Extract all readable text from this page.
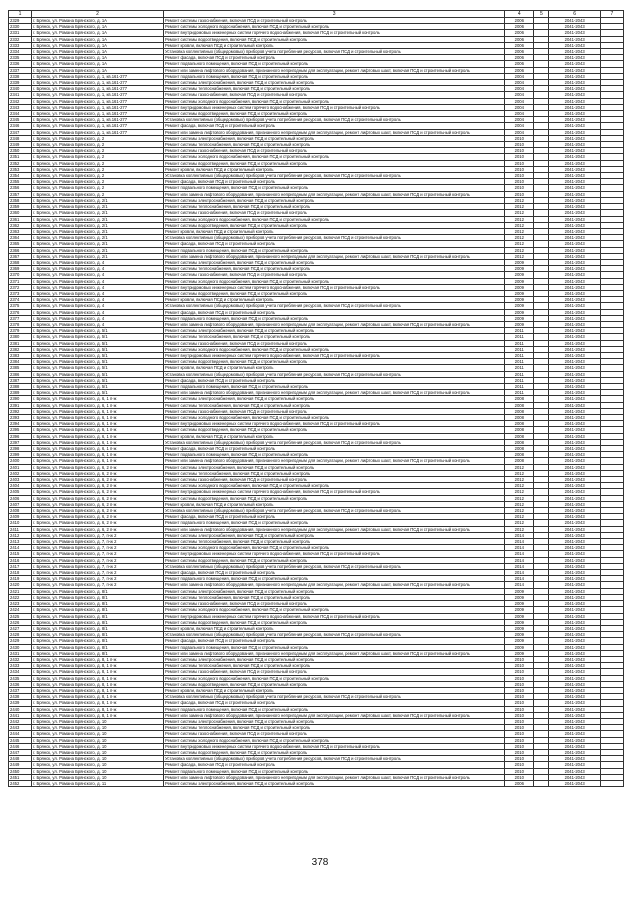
1	2	3	4	5	6	7
2329	г. Брянск, ул. Романа Брянского, д. 1А	Ремонт системы газоснабжения, включая ПСД и строительный контроль	2006		2041-2043	
2330	г. Брянск, ул. Романа Брянского, д. 1А	Ремонт системы холодного водоснабжения, включая ПСД и строительный контроль	2006		2041-2043	
2331	г. Брянск, ул. Романа Брянского, д. 1А	Ремонт внутридомовых инженерных систем горячего водоснабжения, включая ПСД и строительный контроль	2006		2041-2043	
2332	г. Брянск, ул. Романа Брянского, д. 1А	Ремонт системы водоотведения, включая ПСД и строительный контроль	2006		2041-2043	
2333	г. Брянск, ул. Романа Брянского, д. 1А	Ремонт кровли, включая ПСД и строительный контроль	2006		2041-2043	
2334	г. Брянск, ул. Романа Брянского, д. 1А	Установка коллективных (общедомовых) приборов учета потребления ресурсов, включая ПСД и строительный контроль	2006		2041-2043	
2335	г. Брянск, ул. Романа Брянского, д. 1А	Ремонт фасада, включая ПСД и строительный контроль	2006		2041-2043	
2336	г. Брянск, ул. Романа Брянского, д. 1А	Ремонт подвального помещения, включая ПСД и строительный контроль	2006		2041-2043	
2337	г. Брянск, ул. Романа Брянского, д. 1А	Ремонт или замена лифтового оборудования, признанного непригодным для эксплуатации, ремонт лифтовых шахт, включая ПСД и строительный контроль	2006		2041-2043	
2338	г. Брянск, ул. Романа Брянского, д. 1, кв.161-277	Ремонт подвального помещения, включая ПСД и строительный контроль	2004		2041-2043	
2339	г. Брянск, ул. Романа Брянского, д. 1, кв.161-277	Ремонт системы электроснабжения, включая ПСД и строительный контроль	2004		2041-2043	
2340	г. Брянск, ул. Романа Брянского, д. 1, кв.161-277	Ремонт системы теплоснабжения, включая ПСД и строительный контроль	2004		2041-2043	
2341	г. Брянск, ул. Романа Брянского, д. 1, кв.161-277	Ремонт системы газоснабжения, включая ПСД и строительный контроль	2004		2041-2043	
2342	г. Брянск, ул. Романа Брянского, д. 1, кв.161-277	Ремонт системы холодного водоснабжения, включая ПСД и строительный контроль	2004		2041-2043	
2343	г. Брянск, ул. Романа Брянского, д. 1, кв.161-277	Ремонт внутридомовых инженерных систем горячего водоснабжения, включая ПСД и строительный контроль	2004		2041-2043	
2344	г. Брянск, ул. Романа Брянского, д. 1, кв.161-277	Ремонт системы водоотведения, включая ПСД и строительный контроль	2004		2041-2043	
2345	г. Брянск, ул. Романа Брянского, д. 1, кв.161-277	Установка коллективных (общедомовых) приборов учета потребления ресурсов, включая ПСД и строительный контроль	2004		2041-2043	
2346	г. Брянск, ул. Романа Брянского, д. 1, кв.161-277	Ремонт фасада, включая ПСД и строительный контроль	2004		2041-2043	
2347	г. Брянск, ул. Романа Брянского, д. 1, кв.161-277	Ремонт или замена лифтового оборудования, признанного непригодным для эксплуатации, ремонт лифтовых шахт, включая ПСД и строительный контроль	2004		2041-2043	
2348	г. Брянск, ул. Романа Брянского, д. 2	Ремонт системы электроснабжения, включая ПСД и строительный контроль	2010		2041-2043	
2349	г. Брянск, ул. Романа Брянского, д. 2	Ремонт системы теплоснабжения, включая ПСД и строительный контроль	2010		2041-2043	
2350	г. Брянск, ул. Романа Брянского, д. 2	Ремонт системы газоснабжения, включая ПСД и строительный контроль	2010		2041-2043	
2351	г. Брянск, ул. Романа Брянского, д. 2	Ремонт системы холодного водоснабжения, включая ПСД и строительный контроль	2010		2041-2043	
2352	г. Брянск, ул. Романа Брянского, д. 2	Ремонт системы водоотведения, включая ПСД и строительный контроль	2010		2041-2043	
2353	г. Брянск, ул. Романа Брянского, д. 2	Ремонт кровли, включая ПСД и строительный контроль	2010		2041-2043	
2354	г. Брянск, ул. Романа Брянского, д. 2	Установка коллективных (общедомовых) приборов учета потребления ресурсов, включая ПСД и строительный контроль	2010		2041-2043	
2355	г. Брянск, ул. Романа Брянского, д. 2	Ремонт фасада, включая ПСД и строительный контроль	2010		2041-2043	
2356	г. Брянск, ул. Романа Брянского, д. 2	Ремонт подвального помещения, включая ПСД и строительный контроль	2010		2041-2043	
2357	г. Брянск, ул. Романа Брянского, д. 2	Ремонт или замена лифтового оборудования, признанного непригодным для эксплуатации, ремонт лифтовых шахт, включая ПСД и строительный контроль	2010		2041-2043	
2358	г. Брянск, ул. Романа Брянского, д. 2/1	Ремонт системы электроснабжения, включая ПСД и строительный контроль	2012		2041-2043	
2359	г. Брянск, ул. Романа Брянского, д. 2/1	Ремонт системы теплоснабжения, включая ПСД и строительный контроль	2012		2041-2043	
2360	г. Брянск, ул. Романа Брянского, д. 2/1	Ремонт системы газоснабжения, включая ПСД и строительный контроль	2012		2041-2043	
2361	г. Брянск, ул. Романа Брянского, д. 2/1	Ремонт системы холодного водоснабжения, включая ПСД и строительный контроль	2012		2041-2043	
2362	г. Брянск, ул. Романа Брянского, д. 2/1	Ремонт системы водоотведения, включая ПСД и строительный контроль	2012		2041-2043	
2363	г. Брянск, ул. Романа Брянского, д. 2/1	Ремонт кровли, включая ПСД и строительный контроль	2012		2041-2043	
2364	г. Брянск, ул. Романа Брянского, д. 2/1	Установка коллективных (общедомовых) приборов учета потребления ресурсов, включая ПСД и строительный контроль	2012		2041-2043	
2365	г. Брянск, ул. Романа Брянского, д. 2/1	Ремонт фасада, включая ПСД и строительный контроль	2012		2041-2043	
2366	г. Брянск, ул. Романа Брянского, д. 2/1	Ремонт подвального помещения, включая ПСД и строительный контроль	2012		2041-2043	
2367	г. Брянск, ул. Романа Брянского, д. 2/1	Ремонт или замена лифтового оборудования, признанного непригодным для эксплуатации, ремонт лифтовых шахт, включая ПСД и строительный контроль	2012		2041-2043	
2368	г. Брянск, ул. Романа Брянского, д. 4	Ремонт системы электроснабжения, включая ПСД и строительный контроль	2009		2041-2043	
2369	г. Брянск, ул. Романа Брянского, д. 4	Ремонт системы теплоснабжения, включая ПСД и строительный контроль	2009		2041-2043	
2370	г. Брянск, ул. Романа Брянского, д. 4	Ремонт системы газоснабжения, включая ПСД и строительный контроль	2009		2041-2043	
2371	г. Брянск, ул. Романа Брянского, д. 4	Ремонт системы холодного водоснабжения, включая ПСД и строительный контроль	2009		2041-2043	
2372	г. Брянск, ул. Романа Брянского, д. 4	Ремонт внутридомовых инженерных систем горячего водоснабжения, включая ПСД и строительный контроль	2009		2041-2043	
2373	г. Брянск, ул. Романа Брянского, д. 4	Ремонт системы водоотведения, включая ПСД и строительный контроль	2009		2041-2043	
2374	г. Брянск, ул. Романа Брянского, д. 4	Ремонт кровли, включая ПСД и строительный контроль	2009		2041-2043	
2375	г. Брянск, ул. Романа Брянского, д. 4	Установка коллективных (общедомовых) приборов учета потребления ресурсов, включая ПСД и строительный контроль	2009		2041-2043	
2376	г. Брянск, ул. Романа Брянского, д. 4	Ремонт фасада, включая ПСД и строительный контроль	2009		2041-2043	
2377	г. Брянск, ул. Романа Брянского, д. 4	Ремонт подвального помещения, включая ПСД и строительный контроль	2009		2041-2043	
2378	г. Брянск, ул. Романа Брянского, д. 4	Ремонт или замена лифтового оборудования, признанного непригодным для эксплуатации, ремонт лифтовых шахт, включая ПСД и строительный контроль	2009		2041-2043	
2379	г. Брянск, ул. Романа Брянского, д. 5/1	Ремонт системы электроснабжения, включая ПСД и строительный контроль	2011		2041-2043	
2380	г. Брянск, ул. Романа Брянского, д. 5/1	Ремонт системы теплоснабжения, включая ПСД и строительный контроль	2011		2041-2043	
2381	г. Брянск, ул. Романа Брянского, д. 5/1	Ремонт системы газоснабжения, включая ПСД и строительный контроль	2011		2041-2043	
2382	г. Брянск, ул. Романа Брянского, д. 5/1	Ремонт системы холодного водоснабжения, включая ПСД и строительный контроль	2011		2041-2043	
2383	г. Брянск, ул. Романа Брянского, д. 5/1	Ремонт внутридомовых инженерных систем горячего водоснабжения, включая ПСД и строительный контроль	2011		2041-2043	
2384	г. Брянск, ул. Романа Брянского, д. 5/1	Ремонт системы водоотведения, включая ПСД и строительный контроль	2011		2041-2043	
2385	г. Брянск, ул. Романа Брянского, д. 5/1	Ремонт кровли, включая ПСД и строительный контроль	2011		2041-2043	
2386	г. Брянск, ул. Романа Брянского, д. 5/1	Установка коллективных (общедомовых) приборов учета потребления ресурсов, включая ПСД и строительный контроль	2011		2041-2043	
2387	г. Брянск, ул. Романа Брянского, д. 5/1	Ремонт фасада, включая ПСД и строительный контроль	2011		2041-2043	
2388	г. Брянск, ул. Романа Брянского, д. 5/1	Ремонт подвального помещения, включая ПСД и строительный контроль	2011		2041-2043	
2389	г. Брянск, ул. Романа Брянского, д. 5/1	Ремонт или замена лифтового оборудования, признанного непригодным для эксплуатации, ремонт лифтовых шахт, включая ПСД и строительный контроль	2011		2041-2043	
2390	г. Брянск, ул. Романа Брянского, д. 6, 1 п-ж	Ремонт системы электроснабжения, включая ПСД и строительный контроль	2008		2041-2043	
2391	г. Брянск, ул. Романа Брянского, д. 6, 1 п-ж	Ремонт системы теплоснабжения, включая ПСД и строительный контроль	2008		2041-2043	
2392	г. Брянск, ул. Романа Брянского, д. 6, 1 п-ж	Ремонт системы газоснабжения, включая ПСД и строительный контроль	2008		2041-2043	
2393	г. Брянск, ул. Романа Брянского, д. 6, 1 п-ж	Ремонт системы холодного водоснабжения, включая ПСД и строительный контроль	2008		2041-2043	
2394	г. Брянск, ул. Романа Брянского, д. 6, 1 п-ж	Ремонт внутридомовых инженерных систем горячего водоснабжения, включая ПСД и строительный контроль	2008		2041-2043	
2395	г. Брянск, ул. Романа Брянского, д. 6, 1 п-ж	Ремонт системы водоотведения, включая ПСД и строительный контроль	2008		2041-2043	
2396	г. Брянск, ул. Романа Брянского, д. 6, 1 п-ж	Ремонт кровли, включая ПСД и строительный контроль	2008		2041-2043	
2397	г. Брянск, ул. Романа Брянского, д. 6, 1 п-ж	Установка коллективных (общедомовых) приборов учета потребления ресурсов, включая ПСД и строительный контроль	2008		2041-2043	
2398	г. Брянск, ул. Романа Брянского, д. 6, 1 п-ж	Ремонт фасада, включая ПСД и строительный контроль	2008		2041-2043	
2399	г. Брянск, ул. Романа Брянского, д. 6, 1 п-ж	Ремонт подвального помещения, включая ПСД и строительный контроль	2008		2041-2043	
2400	г. Брянск, ул. Романа Брянского, д. 6, 1 п-ж	Ремонт или замена лифтового оборудования, признанного непригодным для эксплуатации, ремонт лифтовых шахт, включая ПСД и строительный контроль	2008		2041-2043	
2401	г. Брянск, ул. Романа Брянского, д. 6, 2 п-ж	Ремонт системы электроснабжения, включая ПСД и строительный контроль	2012		2041-2043	
2402	г. Брянск, ул. Романа Брянского, д. 6, 2 п-ж	Ремонт системы теплоснабжения, включая ПСД и строительный контроль	2012		2041-2043	
2403	г. Брянск, ул. Романа Брянского, д. 6, 2 п-ж	Ремонт системы газоснабжения, включая ПСД и строительный контроль	2012		2041-2043	
2404	г. Брянск, ул. Романа Брянского, д. 6, 2 п-ж	Ремонт системы холодного водоснабжения, включая ПСД и строительный контроль	2012		2041-2043	
2405	г. Брянск, ул. Романа Брянского, д. 6, 2 п-ж	Ремонт внутридомовых инженерных систем горячего водоснабжения, включая ПСД и строительный контроль	2012		2041-2043	
2406	г. Брянск, ул. Романа Брянского, д. 6, 2 п-ж	Ремонт системы водоотведения, включая ПСД и строительный контроль	2012		2041-2043	
2407	г. Брянск, ул. Романа Брянского, д. 6, 2 п-ж	Ремонт кровли, включая ПСД и строительный контроль	2012		2041-2043	
2408	г. Брянск, ул. Романа Брянского, д. 6, 2 п-ж	Установка коллективных (общедомовых) приборов учета потребления ресурсов, включая ПСД и строительный контроль	2012		2041-2043	
2409	г. Брянск, ул. Романа Брянского, д. 6, 2 п-ж	Ремонт фасада, включая ПСД и строительный контроль	2012		2041-2043	
2410	г. Брянск, ул. Романа Брянского, д. 6, 2 п-ж	Ремонт подвального помещения, включая ПСД и строительный контроль	2012		2041-2043	
2411	г. Брянск, ул. Романа Брянского, д. 6, 2 п-ж	Ремонт или замена лифтового оборудования, признанного непригодным для эксплуатации, ремонт лифтовых шахт, включая ПСД и строительный контроль	2012		2041-2043	
2412	г. Брянск, ул. Романа Брянского, д. 7, п-ж 2	Ремонт системы электроснабжения, включая ПСД и строительный контроль	2014		2041-2043	
2413	г. Брянск, ул. Романа Брянского, д. 7, п-ж 2	Ремонт системы теплоснабжения, включая ПСД и строительный контроль	2014		2041-2043	
2414	г. Брянск, ул. Романа Брянского, д. 7, п-ж 2	Ремонт системы холодного водоснабжения, включая ПСД и строительный контроль	2014		2041-2043	
2415	г. Брянск, ул. Романа Брянского, д. 7, п-ж 2	Ремонт внутридомовых инженерных систем горячего водоснабжения, включая ПСД и строительный контроль	2014		2041-2043	
2416	г. Брянск, ул. Романа Брянского, д. 7, п-ж 2	Ремонт системы водоотведения, включая ПСД и строительный контроль	2014		2041-2043	
2417	г. Брянск, ул. Романа Брянского, д. 7, п-ж 2	Установка коллективных (общедомовых) приборов учета потребления ресурсов, включая ПСД и строительный контроль	2014		2041-2043	
2418	г. Брянск, ул. Романа Брянского, д. 7, п-ж 2	Ремонт фасада, включая ПСД и строительный контроль	2014		2041-2043	
2419	г. Брянск, ул. Романа Брянского, д. 7, п-ж 2	Ремонт подвального помещения, включая ПСД и строительный контроль	2014		2041-2043	
2420	г. Брянск, ул. Романа Брянского, д. 7, п-ж 2	Ремонт или замена лифтового оборудования, признанного непригодным для эксплуатации, ремонт лифтовых шахт, включая ПСД и строительный контроль	2014		2041-2043	
2421	г. Брянск, ул. Романа Брянского, д. 8/1	Ремонт системы электроснабжения, включая ПСД и строительный контроль	2009		2041-2043	
2422	г. Брянск, ул. Романа Брянского, д. 8/1	Ремонт системы теплоснабжения, включая ПСД и строительный контроль	2009		2041-2043	
2423	г. Брянск, ул. Романа Брянского, д. 8/1	Ремонт системы газоснабжения, включая ПСД и строительный контроль	2009		2041-2043	
2424	г. Брянск, ул. Романа Брянского, д. 8/1	Ремонт системы холодного водоснабжения, включая ПСД и строительный контроль	2009		2041-2043	
2425	г. Брянск, ул. Романа Брянского, д. 8/1	Ремонт внутридомовых инженерных систем горячего водоснабжения, включая ПСД и строительный контроль	2009		2041-2043	
2426	г. Брянск, ул. Романа Брянского, д. 8/1	Ремонт системы водоотведения, включая ПСД и строительный контроль	2009		2041-2043	
2427	г. Брянск, ул. Романа Брянского, д. 8/1	Ремонт кровли, включая ПСД и строительный контроль	2009		2041-2043	
2428	г. Брянск, ул. Романа Брянского, д. 8/1	Установка коллективных (общедомовых) приборов учета потребления ресурсов, включая ПСД и строительный контроль	2009		2041-2043	
2429	г. Брянск, ул. Романа Брянского, д. 8/1	Ремонт фасада, включая ПСД и строительный контроль	2009		2041-2043	
2430	г. Брянск, ул. Романа Брянского, д. 8/1	Ремонт подвального помещения, включая ПСД и строительный контроль	2009		2041-2043	
2431	г. Брянск, ул. Романа Брянского, д. 8/1	Ремонт или замена лифтового оборудования, признанного непригодным для эксплуатации, ремонт лифтовых шахт, включая ПСД и строительный контроль	2009		2041-2043	
2432	г. Брянск, ул. Романа Брянского, д. 8, 1 п-ж	Ремонт системы электроснабжения, включая ПСД и строительный контроль	2010		2041-2043	
2433	г. Брянск, ул. Романа Брянского, д. 8, 1 п-ж	Ремонт системы теплоснабжения, включая ПСД и строительный контроль	2010		2041-2043	
2434	г. Брянск, ул. Романа Брянского, д. 8, 1 п-ж	Ремонт системы газоснабжения, включая ПСД и строительный контроль	2010		2041-2043	
2435	г. Брянск, ул. Романа Брянского, д. 8, 1 п-ж	Ремонт системы холодного водоснабжения, включая ПСД и строительный контроль	2010		2041-2043	
2436	г. Брянск, ул. Романа Брянского, д. 8, 1 п-ж	Ремонт системы водоотведения, включая ПСД и строительный контроль	2010		2041-2043	
2437	г. Брянск, ул. Романа Брянского, д. 8, 1 п-ж	Ремонт кровли, включая ПСД и строительный контроль	2010		2041-2043	
2438	г. Брянск, ул. Романа Брянского, д. 8, 1 п-ж	Установка коллективных (общедомовых) приборов учета потребления ресурсов, включая ПСД и строительный контроль	2010		2041-2043	
2439	г. Брянск, ул. Романа Брянского, д. 8, 1 п-ж	Ремонт фасада, включая ПСД и строительный контроль	2010		2041-2043	
2440	г. Брянск, ул. Романа Брянского, д. 8, 1 п-ж	Ремонт подвального помещения, включая ПСД и строительный контроль	2010		2041-2043	
2441	г. Брянск, ул. Романа Брянского, д. 8, 1 п-ж	Ремонт или замена лифтового оборудования, признанного непригодным для эксплуатации, ремонт лифтовых шахт, включая ПСД и строительный контроль	2010		2041-2043	
2442	г. Брянск, ул. Романа Брянского, д. 10	Ремонт системы электроснабжения, включая ПСД и строительный контроль	2010		2041-2043	
2443	г. Брянск, ул. Романа Брянского, д. 10	Ремонт системы теплоснабжения, включая ПСД и строительный контроль	2010		2041-2043	
2444	г. Брянск, ул. Романа Брянского, д. 10	Ремонт системы газоснабжения, включая ПСД и строительный контроль	2010		2041-2043	
2445	г. Брянск, ул. Романа Брянского, д. 10	Ремонт системы холодного водоснабжения, включая ПСД и строительный контроль	2010		2041-2043	
2446	г. Брянск, ул. Романа Брянского, д. 10	Ремонт внутридомовых инженерных систем горячего водоснабжения, включая ПСД и строительный контроль	2010		2041-2043	
2447	г. Брянск, ул. Романа Брянского, д. 10	Ремонт системы водоотведения, включая ПСД и строительный контроль	2010		2041-2043	
2448	г. Брянск, ул. Романа Брянского, д. 10	Установка коллективных (общедомовых) приборов учета потребления ресурсов, включая ПСД и строительный контроль	2010		2041-2043	
2449	г. Брянск, ул. Романа Брянского, д. 10	Ремонт фасада, включая ПСД и строительный контроль	2010		2041-2043	
2450	г. Брянск, ул. Романа Брянского, д. 10	Ремонт подвального помещения, включая ПСД и строительный контроль	2010		2041-2043	
2451	г. Брянск, ул. Романа Брянского, д. 10	Ремонт или замена лифтового оборудования, признанного непригодным для эксплуатации, ремонт лифтовых шахт, включая ПСД и строительный контроль	2010		2041-2043	
2452	г. Брянск, ул. Романа Брянского, д. 11	Ремонт системы электроснабжения, включая ПСД и строительный контроль	2006		2041-2043	
378
